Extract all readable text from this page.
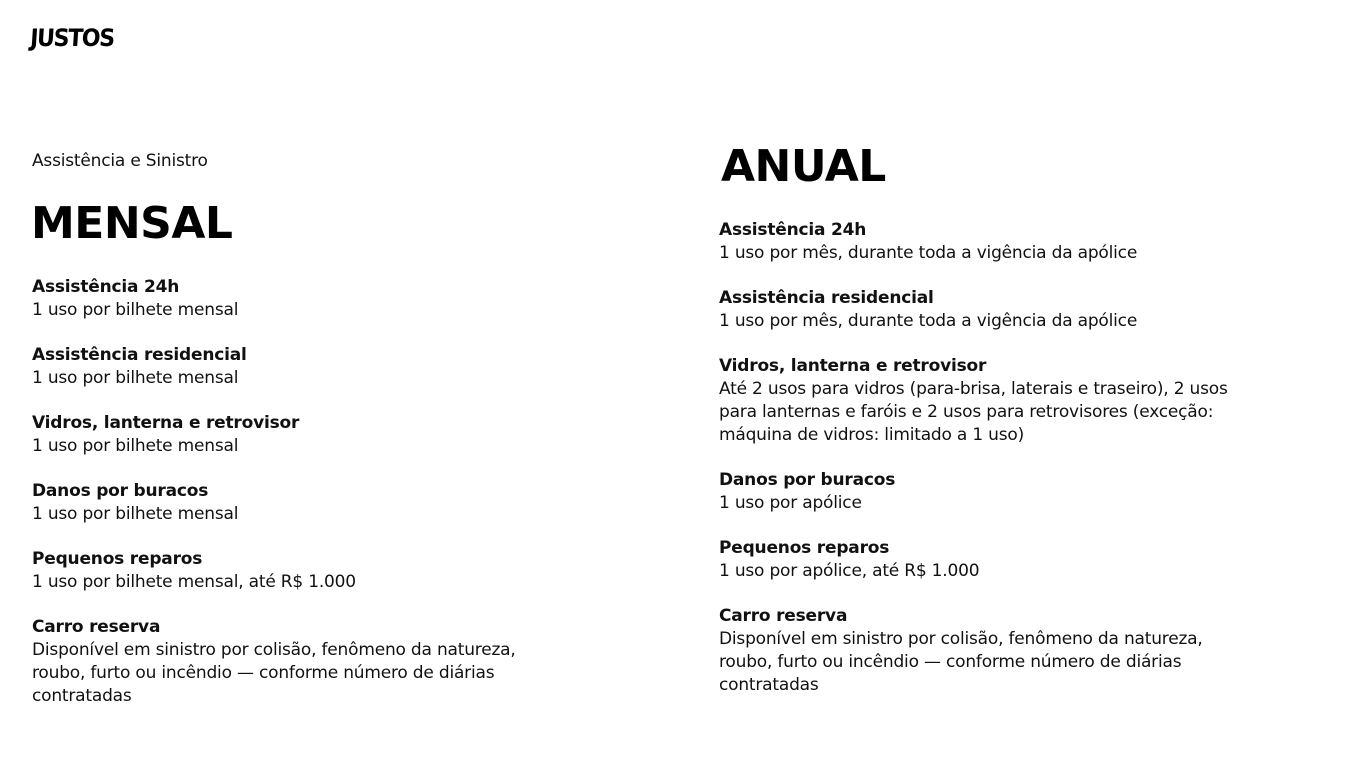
JUSTOS
Assistência e Sinistro
MENSAL
Assistência 24h
1 uso por bilhete mensal
Assistência residencial
1 uso por bilhete mensal
Vidros, lanterna e retrovisor
1 uso por bilhete mensal
Danos por buracos
1 uso por bilhete mensal
Pequenos reparos
1 uso por bilhete mensal, até R$ 1.000
Carro reserva
Disponível em sinistro por colisão, fenômeno da natureza, roubo, furto ou incêndio — conforme número de diárias contratadas
ANUAL
Assistência 24h
1 uso por mês, durante toda a vigência da apólice
Assistência residencial
1 uso por mês, durante toda a vigência da apólice
Vidros, lanterna e retrovisor
Até 2 usos para vidros (para-brisa, laterais e traseiro), 2 usos para lanternas e faróis e 2 usos para retrovisores (exceção: máquina de vidros: limitado a 1 uso)
Danos por buracos
1 uso por apólice
Pequenos reparos
1 uso por apólice, até R$ 1.000
Carro reserva
Disponível em sinistro por colisão, fenômeno da natureza, roubo, furto ou incêndio — conforme número de diárias contratadas
